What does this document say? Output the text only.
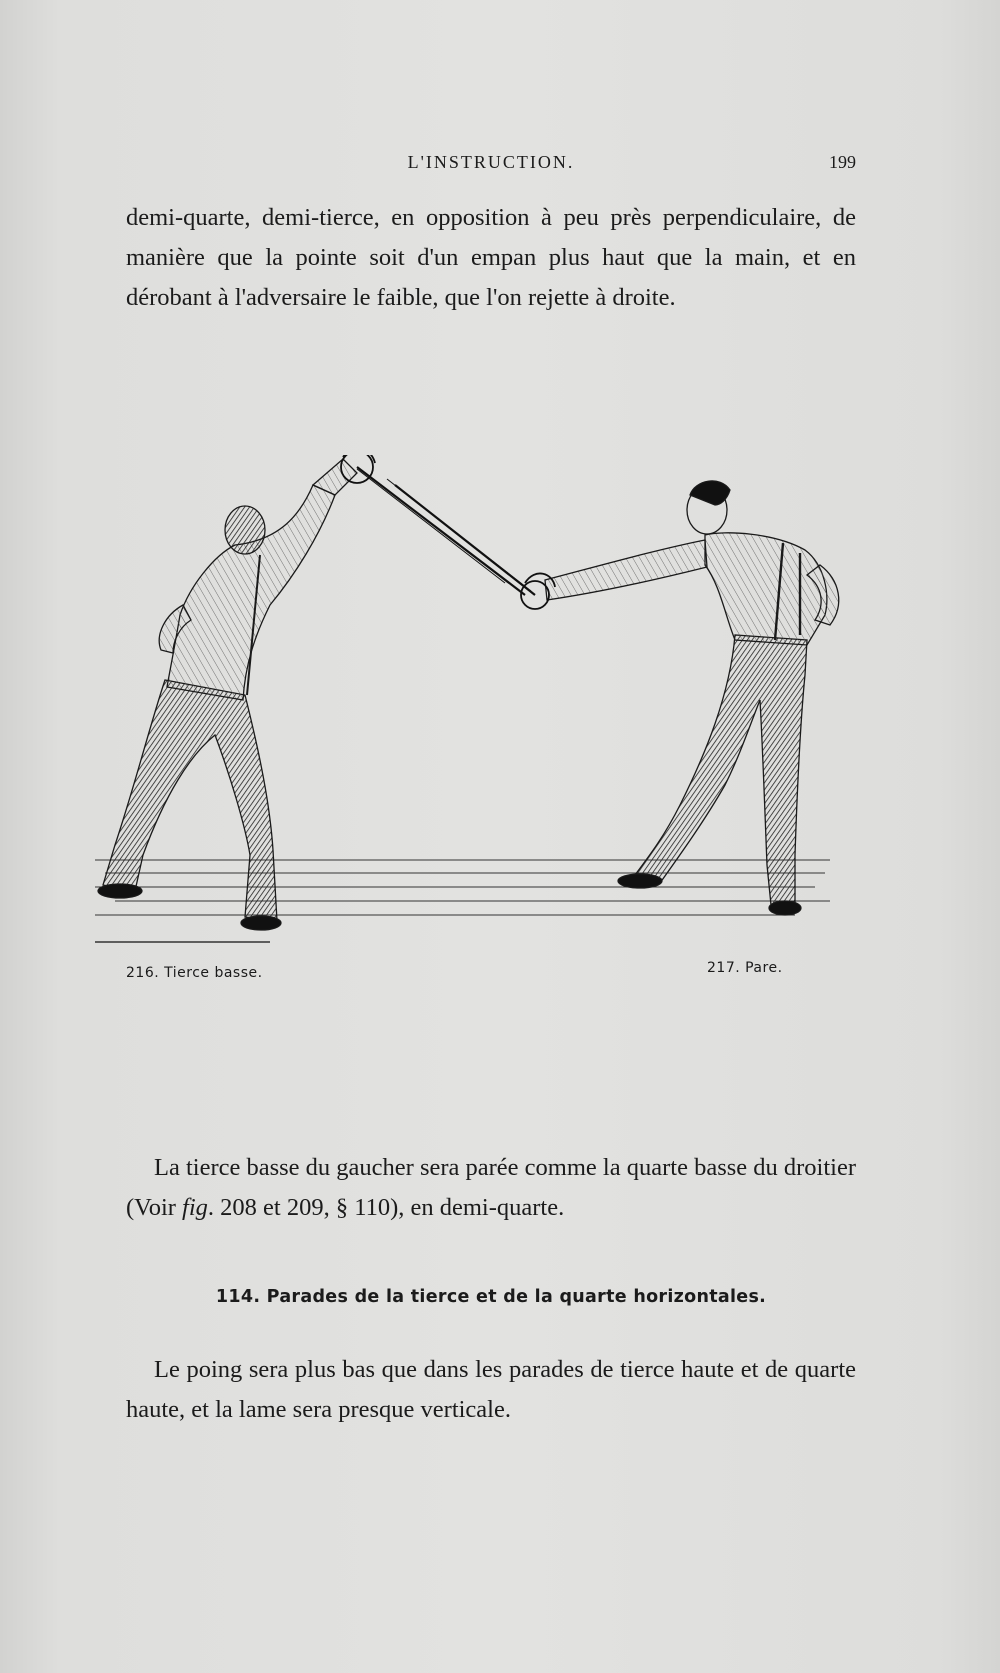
L'INSTRUCTION.	199

demi-quarte, demi-tierce, en opposition à peu près perpendiculaire, de manière que la pointe soit d'un empan plus haut que la main, et en dérobant à l'adversaire le faible, que l'on rejette à droite.

216. Tierce basse.	217. Pare.

La tierce basse du gaucher sera parée comme la quarte basse du droitier (Voir fig. 208 et 209, § 110), en demi-quarte.

114. Parades de la tierce et de la quarte horizontales.

Le poing sera plus bas que dans les parades de tierce haute et de quarte haute, et la lame sera presque verticale.
